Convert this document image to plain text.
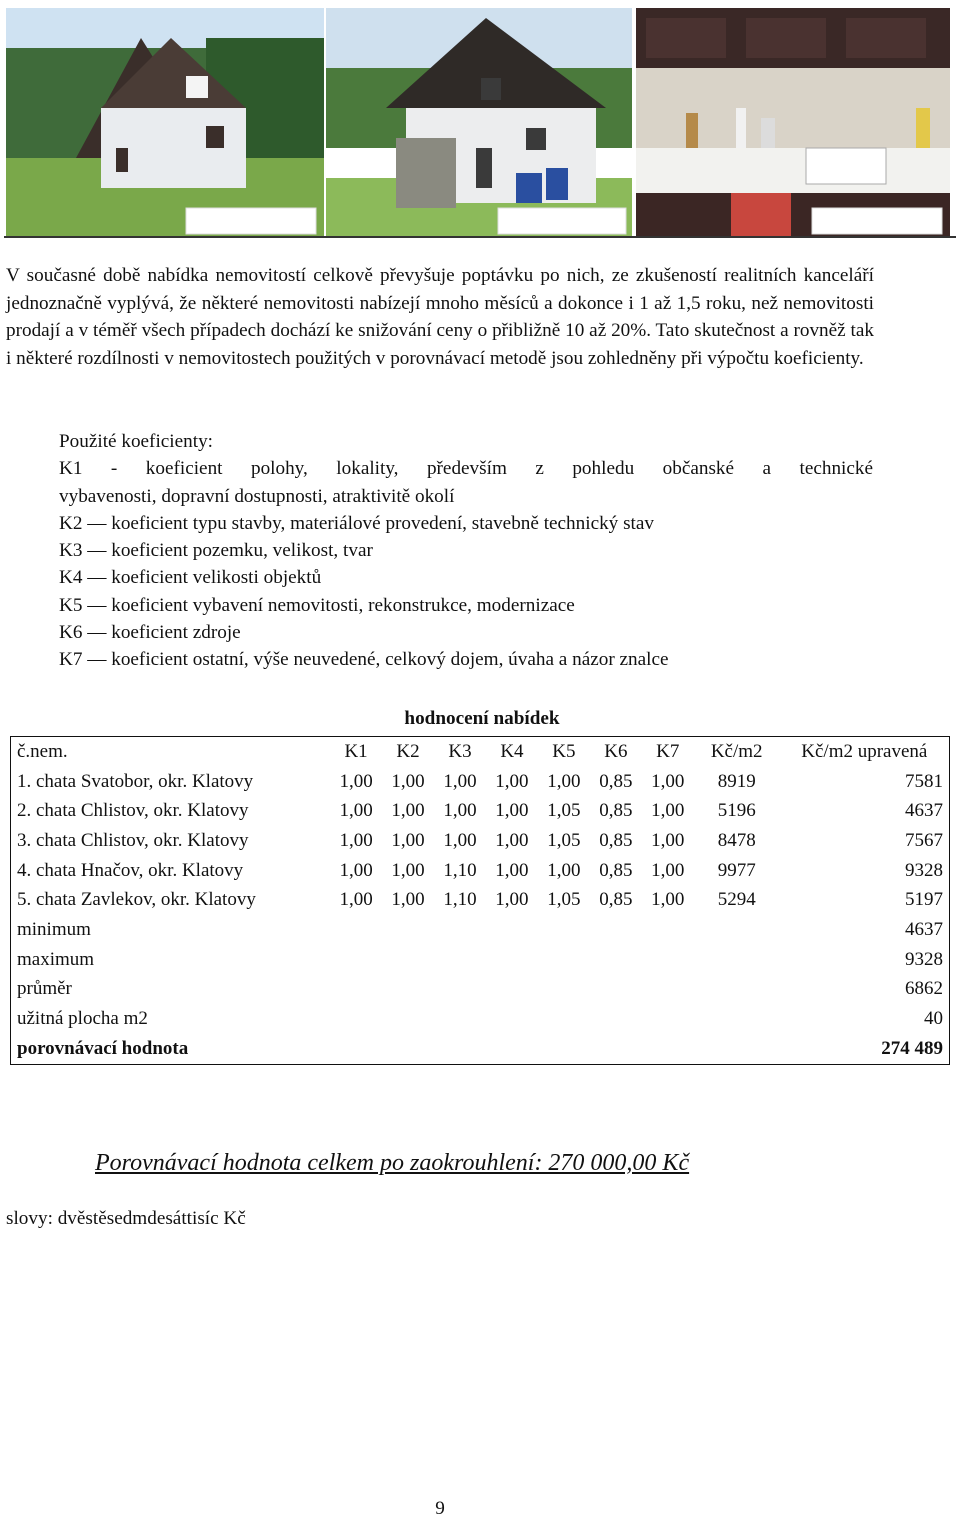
V současné době nabídka nemovitostí celkově převyšuje poptávku po nich, ze zkušeností realitních kanceláří jednoznačně vyplývá, že některé nemovitosti nabízejí mnoho měsíců a dokonce i 1 až 1,5 roku, než nemovitosti prodají a v téměř všech případech dochází ke snižování ceny o přibližně 10 až 20%. Tato skutečnost a rovněž tak i některé rozdílnosti v nemovitostech použitých v porovnávací metodě jsou zohledněny při výpočtu koeficienty.

Použité koeficienty:

K1 - koeficient polohy, lokality, především z pohledu občanské a technické

vybavenosti, dopravní dostupnosti, atraktivitě okolí

K2 — koeficient typu stavby, materiálové provedení, stavebně technický stav

K3 — koeficient pozemku, velikost, tvar

K4 — koeficient velikosti objektů

K5 — koeficient vybavení nemovitosti, rekonstrukce, modernizace

K6 — koeficient zdroje

K7 — koeficient ostatní, výše neuvedené, celkový dojem, úvaha a názor znalce

hodnocení nabídek
č.nem.	K1	K2	K3	K4	K5	K6	K7	Kč/m2	Kč/m2 upravená
1. chata Svatobor, okr. Klatovy	1,00	1,00	1,00	1,00	1,00	0,85	1,00	8919	7581
2. chata Chlistov, okr. Klatovy	1,00	1,00	1,00	1,00	1,05	0,85	1,00	5196	4637
3. chata Chlistov, okr. Klatovy	1,00	1,00	1,00	1,00	1,05	0,85	1,00	8478	7567
4. chata Hnačov, okr. Klatovy	1,00	1,00	1,10	1,00	1,00	0,85	1,00	9977	9328
5. chata Zavlekov, okr. Klatovy	1,00	1,00	1,10	1,00	1,05	0,85	1,00	5294	5197
minimum									4637
maximum									9328
průměr									6862
užitná plocha m2									40
porovnávací hodnota									274 489

Porovnávací hodnota celkem po zaokrouhlení: 270 000,00 Kč

slovy: dvěstěsedmdesáttisíc Kč

9
